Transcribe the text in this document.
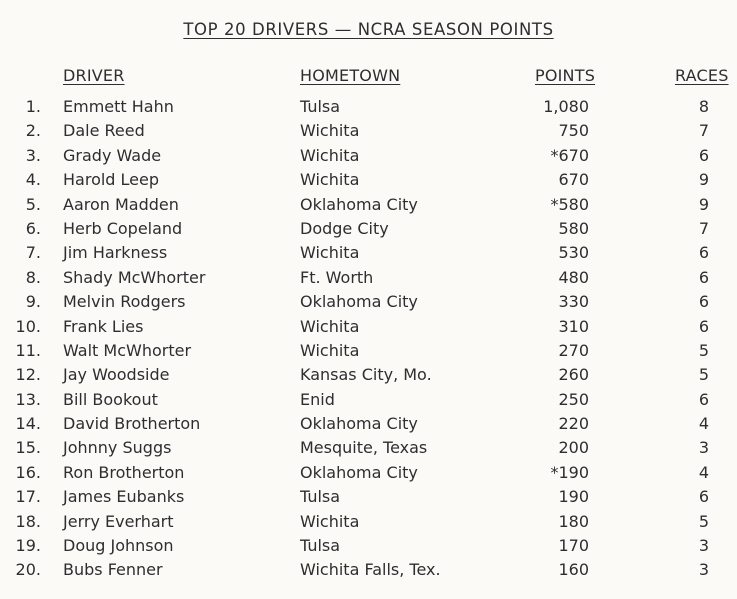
TOP 20 DRIVERS — NCRA SEASON POINTS
DRIVER	HOMETOWN	POINTS	RACES
1. Emmett Hahn	Tulsa	1,080	8
2. Dale Reed	Wichita	750	7
3. Grady Wade	Wichita	*670	6
4. Harold Leep	Wichita	670	9
5. Aaron Madden	Oklahoma City	*580	9
6. Herb Copeland	Dodge City	580	7
7. Jim Harkness	Wichita	530	6
8. Shady McWhorter	Ft. Worth	480	6
9. Melvin Rodgers	Oklahoma City	330	6
10. Frank Lies	Wichita	310	6
11. Walt McWhorter	Wichita	270	5
12. Jay Woodside	Kansas City, Mo.	260	5
13. Bill Bookout	Enid	250	6
14. David Brotherton	Oklahoma City	220	4
15. Johnny Suggs	Mesquite, Texas	200	3
16. Ron Brotherton	Oklahoma City	*190	4
17. James Eubanks	Tulsa	190	6
18. Jerry Everhart	Wichita	180	5
19. Doug Johnson	Tulsa	170	3
20. Bubs Fenner	Wichita Falls, Tex.	160	3
